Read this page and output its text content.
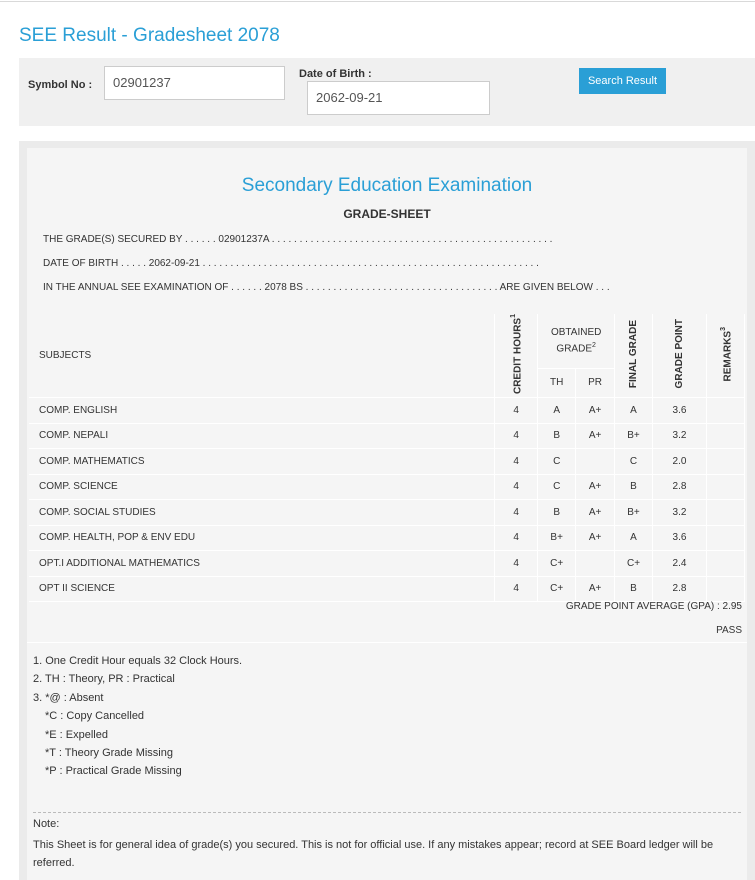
SEE Result - Gradesheet 2078
Symbol No :	02901237
Date of Birth :
2062-09-21
Search Result
Secondary Education Examination
GRADE-SHEET
THE GRADE(S) SECURED BY . . . . . . 02901237A . . . . . . . . . . . . . . . . . . . . . . . . . . . . . . . . . . . . . . . . . . . . . . . . . . .
DATE OF BIRTH . . . . . 2062-09-21 . . . . . . . . . . . . . . . . . . . . . . . . . . . . . . . . . . . . . . . . . . . . . . . . . . . . . . . . . . . . .
IN THE ANNUAL SEE EXAMINATION OF . . . . . . 2078 BS . . . . . . . . . . . . . . . . . . . . . . . . . . . . . . . . . . . ARE GIVEN BELOW . . .
SUBJECTS	CREDIT HOURS$^1$	OBTAINED GRADE$^2$		FINAL GRADE	GRADE POINT	REMARKS$^3$
		TH	PR			
COMP. ENGLISH	4	A	A+	A	3.6	
COMP. NEPALI	4	B	A+	B+	3.2	
COMP. MATHEMATICS	4	C		C	2.0	
COMP. SCIENCE	4	C	A+	B	2.8	
COMP. SOCIAL STUDIES	4	B	A+	B+	3.2	
COMP. HEALTH, POP & ENV EDU	4	B+	A+	A	3.6	
OPT.I ADDITIONAL MATHEMATICS	4	C+		C+	2.4	
OPT II SCIENCE	4	C+	A+	B	2.8	
GRADE POINT AVERAGE (GPA) : 2.95
PASS
1. One Credit Hour equals 32 Clock Hours.
2. TH : Theory, PR : Practical
3. *@ : Absent
*C : Copy Cancelled
*E : Expelled
*T : Theory Grade Missing
*P : Practical Grade Missing
Note:
This Sheet is for general idea of grade(s) you secured. This is not for official use. If any mistakes appear; record at SEE Board ledger will be referred.
